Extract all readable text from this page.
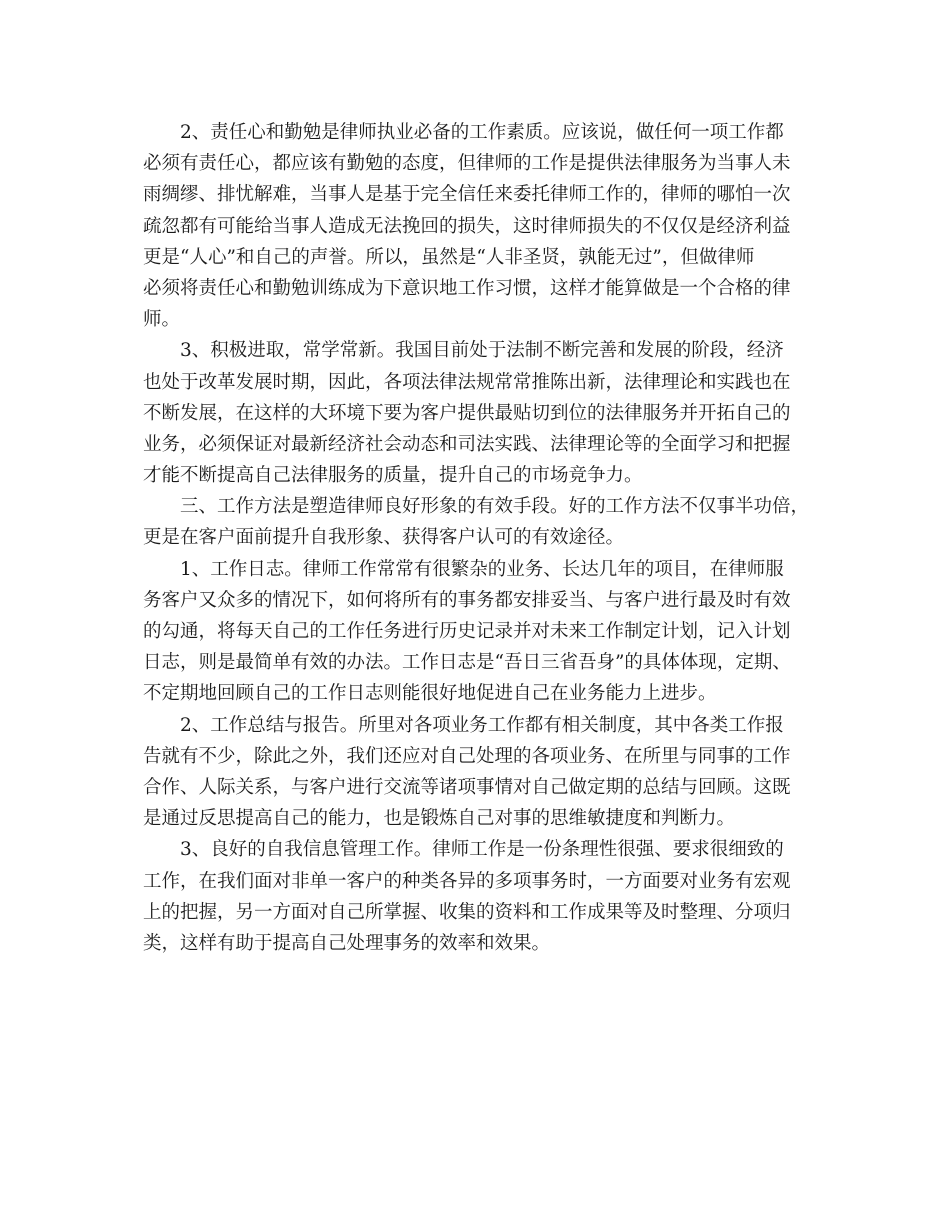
2、责任心和勤勉是律师执业必备的工作素质。应该说，做任何一项工作都
必须有责任心，都应该有勤勉的态度，但律师的工作是提供法律服务为当事人未
雨绸缪、排忧解难，当事人是基于完全信任来委托律师工作的，律师的哪怕一次
疏忽都有可能给当事人造成无法挽回的损失，这时律师损失的不仅仅是经济利益
更是“人心”和自己的声誉。所以，虽然是“人非圣贤，孰能无过”，但做律师
必须将责任心和勤勉训练成为下意识地工作习惯，这样才能算做是一个合格的律
师。

3、积极进取，常学常新。我国目前处于法制不断完善和发展的阶段，经济
也处于改革发展时期，因此，各项法律法规常常推陈出新，法律理论和实践也在
不断发展，在这样的大环境下要为客户提供最贴切到位的法律服务并开拓自己的
业务，必须保证对最新经济社会动态和司法实践、法律理论等的全面学习和把握
才能不断提高自己法律服务的质量，提升自己的市场竞争力。

三、工作方法是塑造律师良好形象的有效手段。好的工作方法不仅事半功倍，
更是在客户面前提升自我形象、获得客户认可的有效途径。

1、工作日志。律师工作常常有很繁杂的业务、长达几年的项目，在律师服
务客户又众多的情况下，如何将所有的事务都安排妥当、与客户进行最及时有效
的勾通，将每天自己的工作任务进行历史记录并对未来工作制定计划，记入计划
日志，则是最简单有效的办法。工作日志是“吾日三省吾身”的具体体现，定期、
不定期地回顾自己的工作日志则能很好地促进自己在业务能力上进步。

2、工作总结与报告。所里对各项业务工作都有相关制度，其中各类工作报
告就有不少，除此之外，我们还应对自己处理的各项业务、在所里与同事的工作
合作、人际关系，与客户进行交流等诸项事情对自己做定期的总结与回顾。这既
是通过反思提高自己的能力，也是锻炼自己对事的思维敏捷度和判断力。

3、良好的自我信息管理工作。律师工作是一份条理性很强、要求很细致的
工作，在我们面对非单一客户的种类各异的多项事务时，一方面要对业务有宏观
上的把握，另一方面对自己所掌握、收集的资料和工作成果等及时整理、分项归
类，这样有助于提高自己处理事务的效率和效果。
